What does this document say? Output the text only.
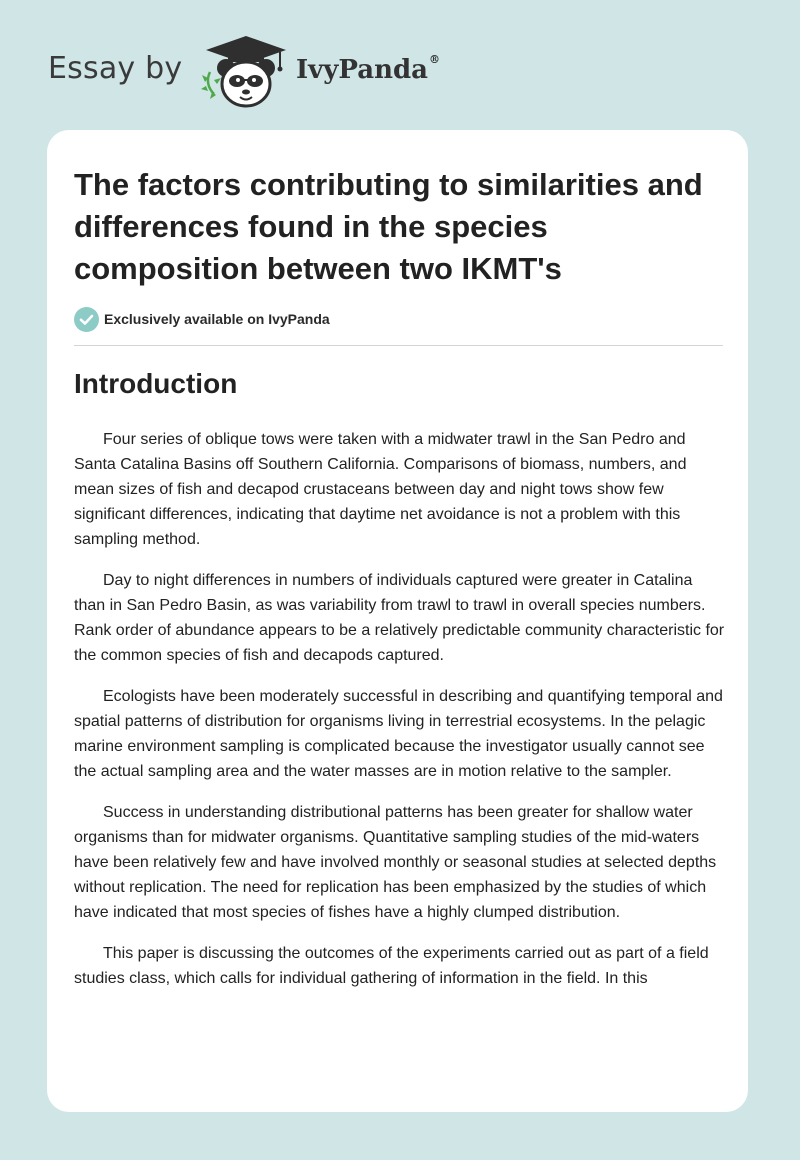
Essay by	IvyPanda®
The factors contributing to similarities and differences found in the species composition between two IKMT's
Exclusively available on IvyPanda
Introduction

Four series of oblique tows were taken with a midwater trawl in the San Pedro and Santa Catalina Basins off Southern California. Comparisons of biomass, numbers, and mean sizes of fish and decapod crustaceans between day and night tows show few significant differences, indicating that daytime net avoidance is not a problem with this sampling method.

Day to night differences in numbers of individuals captured were greater in Catalina than in San Pedro Basin, as was variability from trawl to trawl in overall species numbers. Rank order of abundance appears to be a relatively predictable community characteristic for the common species of fish and decapods captured.

Ecologists have been moderately successful in describing and quantifying temporal and spatial patterns of distribution for organisms living in terrestrial ecosystems. In the pelagic marine environment sampling is complicated because the investigator usually cannot see the actual sampling area and the water masses are in motion relative to the sampler.

Success in understanding distributional patterns has been greater for shallow water organisms than for midwater organisms. Quantitative sampling studies of the mid-waters have been relatively few and have involved monthly or seasonal studies at selected depths without replication. The need for replication has been emphasized by the studies of which have indicated that most species of fishes have a highly clumped distribution.

This paper is discussing the outcomes of the experiments carried out as part of a field studies class, which calls for individual gathering of information in the field. In this
